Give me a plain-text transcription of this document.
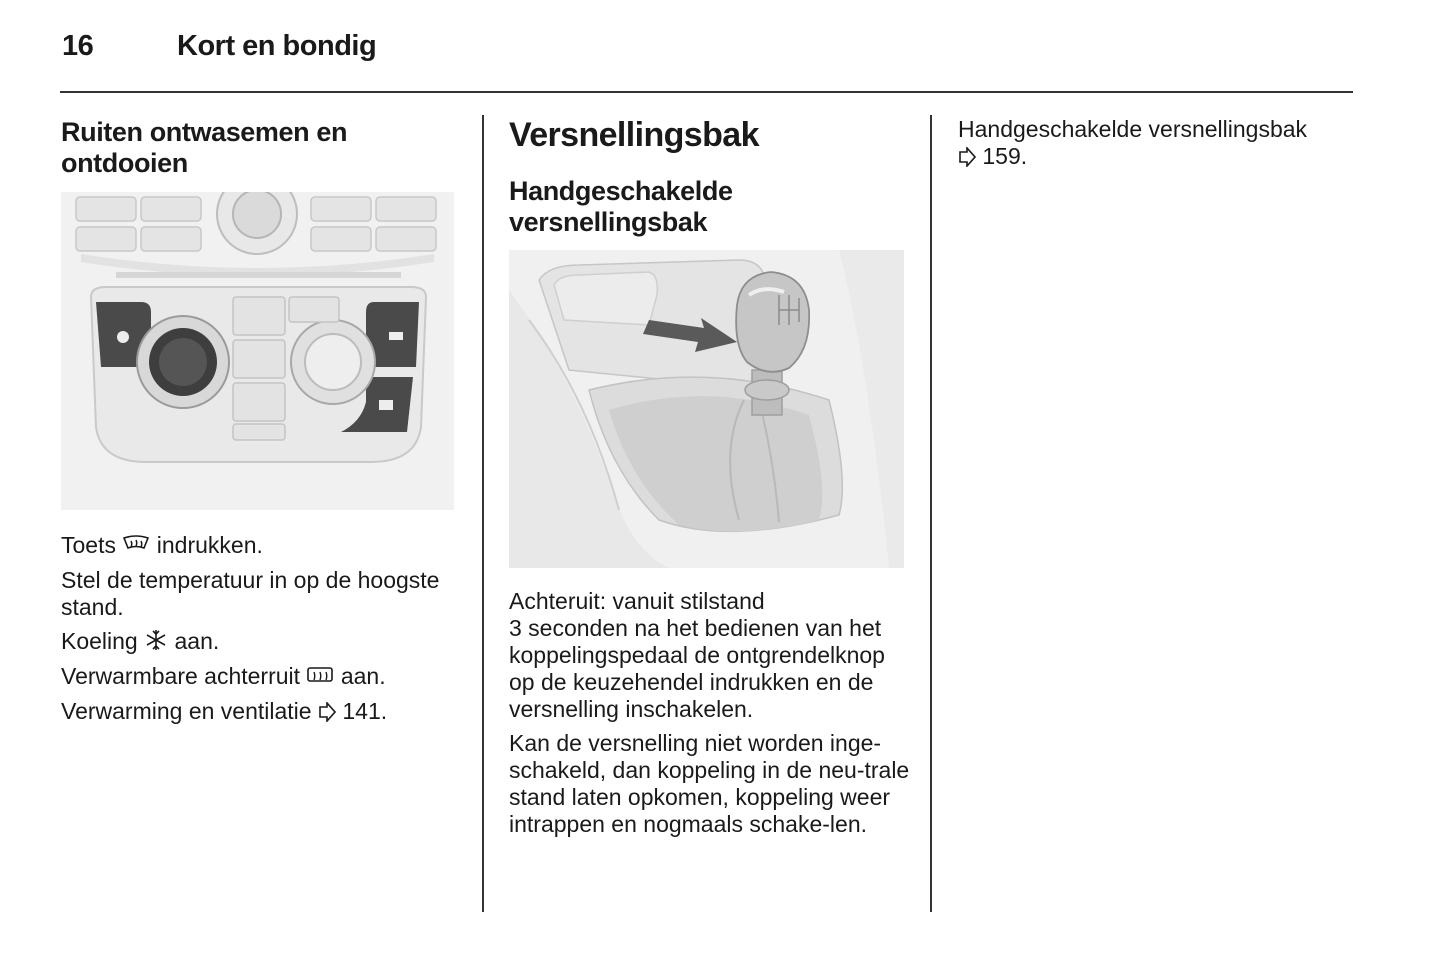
16	Kort en bondig
Ruiten ontwasemen en ontdooien

Toets indrukken.

Stel de temperatuur in op de hoogste stand.

Koeling aan.

Verwarmbare achterruit aan.

Verwarming en ventilatie 141.

Versnellingsbak
Handgeschakelde versnellingsbak

Achteruit: vanuit stilstand
3 seconden na het bedienen van het koppelingspedaal de ontgrendelknop op de keuzehendel indrukken en de versnelling inschakelen.

Kan de versnelling niet worden inge-schakeld, dan koppeling in de neu-trale stand laten opkomen, koppeling weer intrappen en nogmaals schake-len.

Handgeschakelde versnellingsbak
159.
